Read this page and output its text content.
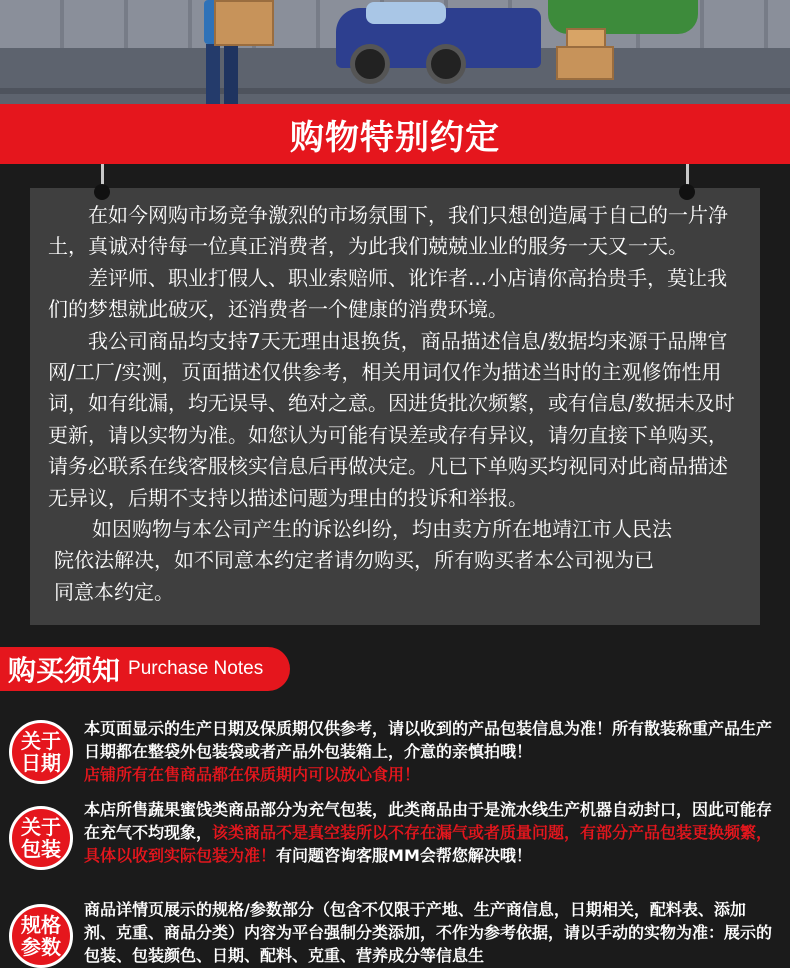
购物特别约定

在如今网购市场竞争激烈的市场氛围下，我们只想创造属于自己的一片净土，真诚对待每一位真正消费者，为此我们兢兢业业的服务一天又一天。

差评师、职业打假人、职业索赔师、讹诈者...小店请你高抬贵手，莫让我们的梦想就此破灭，还消费者一个健康的消费环境。

我公司商品均支持7天无理由退换货，商品描述信息/数据均来源于品牌官网/工厂/实测，页面描述仅供参考，相关用词仅作为描述当时的主观修饰性用词，如有纰漏，均无误导、绝对之意。因进货批次频繁，或有信息/数据未及时更新，请以实物为准。如您认为可能有误差或存有异议，请勿直接下单购买，请务必联系在线客服核实信息后再做决定。凡已下单购买均视同对此商品描述无异议，后期不支持以描述问题为理由的投诉和举报。

如因购物与本公司产生的诉讼纠纷，均由卖方所在地靖江市人民法

院依法解决，如不同意本约定者请勿购买，所有购买者本公司视为已

同意本约定。

购买须知 Purchase Notes
关于
日期
本页面显示的生产日期及保质期仅供参考，请以收到的产品包装信息为准！所有散装称重产品生产日期都在整袋外包装袋或者产品外包装箱上，介意的亲慎拍哦！
店铺所有在售商品都在保质期内可以放心食用！
关于
包装
本店所售蔬果蜜饯类商品部分为充气包装，此类商品由于是流水线生产机器自动封口，因此可能存在充气不均现象，该类商品不是真空装所以不存在漏气或者质量问题，有部分产品包装更换频繁，具体以收到实际包装为准！有问题咨询客服MM会帮您解决哦！
规格
参数
商品详情页展示的规格/参数部分（包含不仅限于产地、生产商信息，日期相关，配料表、添加剂、克重、商品分类）内容为平台强制分类添加，不作为参考依据，请以手动的实物为准：展示的包装、包装颜色、日期、配料、克重、营养成分等信息生
